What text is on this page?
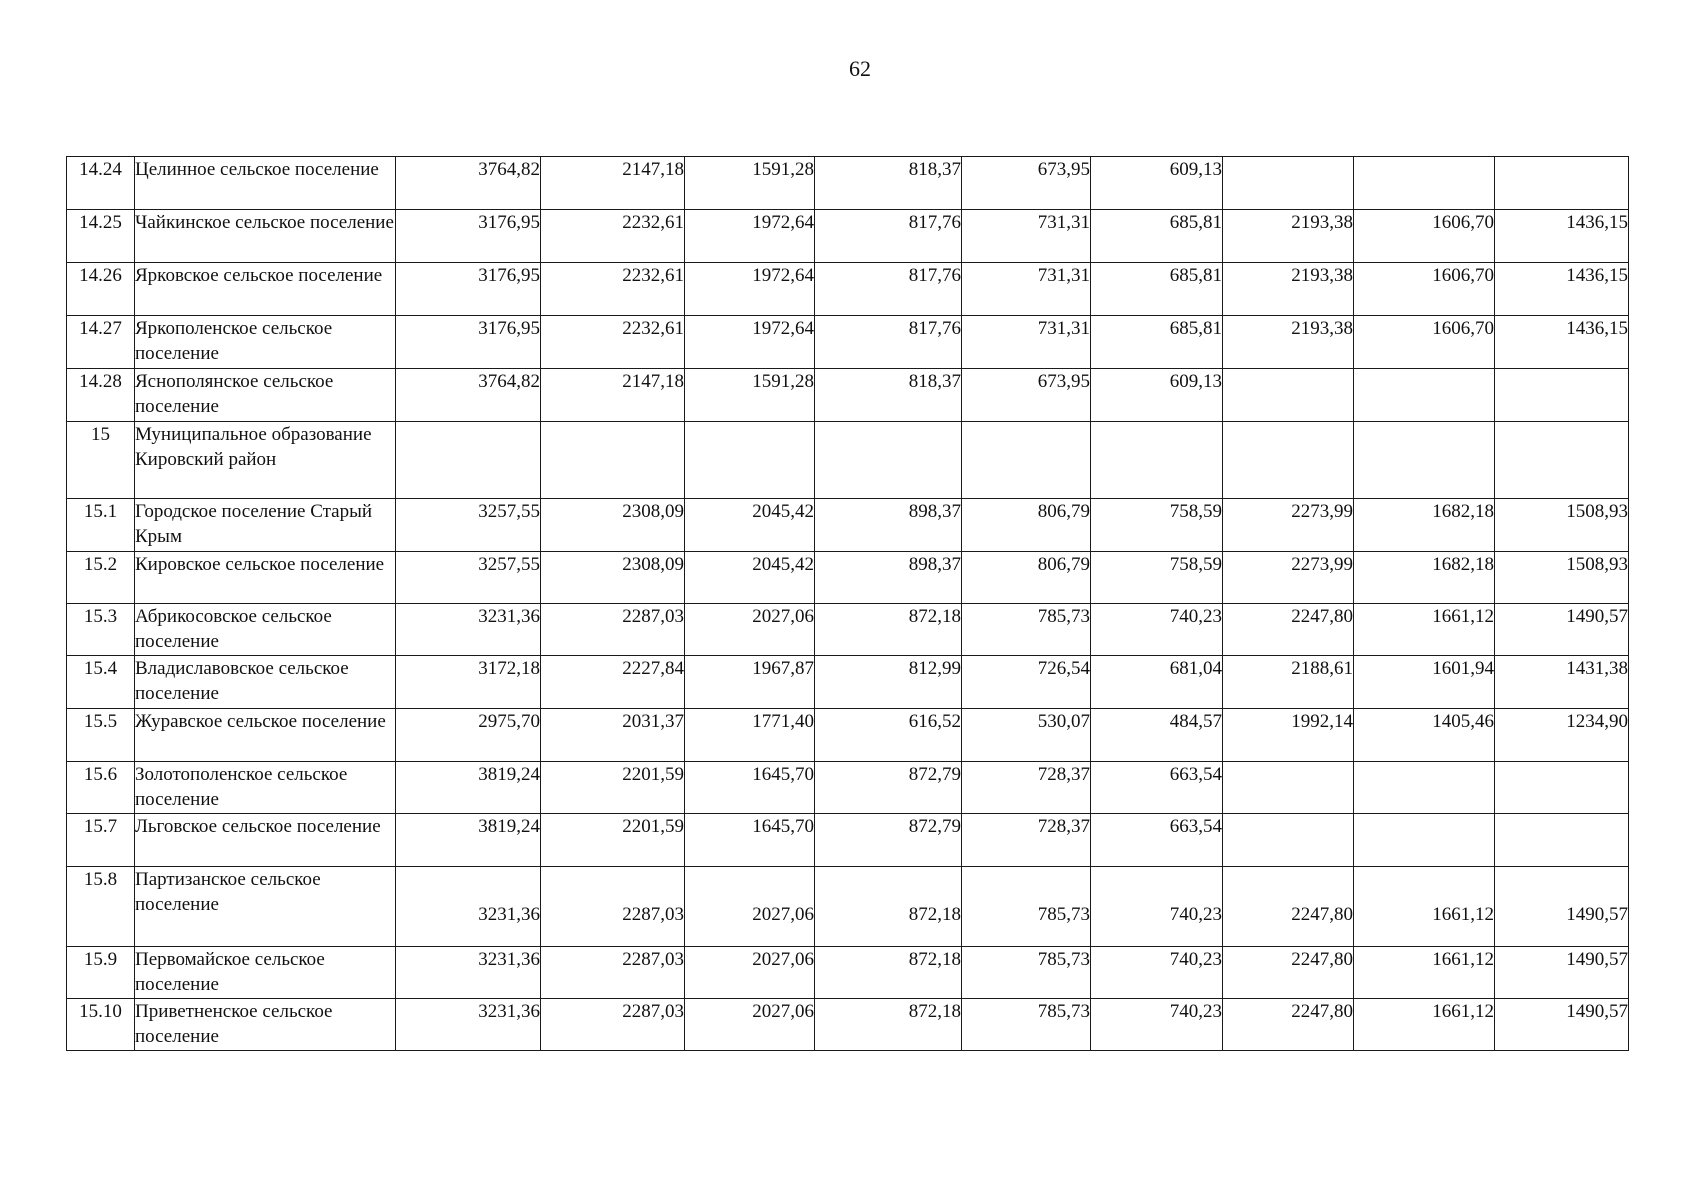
62
14.24	Целинное сельское поселение	3764,82	2147,18	1591,28	818,37	673,95	609,13			
14.25	Чайкинское сельское поселение	3176,95	2232,61	1972,64	817,76	731,31	685,81	2193,38	1606,70	1436,15
14.26	Ярковское сельское поселение	3176,95	2232,61	1972,64	817,76	731,31	685,81	2193,38	1606,70	1436,15
14.27	Яркополенское сельское поселение	3176,95	2232,61	1972,64	817,76	731,31	685,81	2193,38	1606,70	1436,15
14.28	Яснополянское сельское поселение	3764,82	2147,18	1591,28	818,37	673,95	609,13			
15	Муниципальное образование Кировский район									
15.1	Городское поселение Старый Крым	3257,55	2308,09	2045,42	898,37	806,79	758,59	2273,99	1682,18	1508,93
15.2	Кировское сельское поселение	3257,55	2308,09	2045,42	898,37	806,79	758,59	2273,99	1682,18	1508,93
15.3	Абрикосовское сельское поселение	3231,36	2287,03	2027,06	872,18	785,73	740,23	2247,80	1661,12	1490,57
15.4	Владиславовское сельское поселение	3172,18	2227,84	1967,87	812,99	726,54	681,04	2188,61	1601,94	1431,38
15.5	Журавское сельское поселение	2975,70	2031,37	1771,40	616,52	530,07	484,57	1992,14	1405,46	1234,90
15.6	Золотополенское сельское поселение	3819,24	2201,59	1645,70	872,79	728,37	663,54			
15.7	Льговское сельское поселение	3819,24	2201,59	1645,70	872,79	728,37	663,54			
15.8	Партизанское сельское поселение	3231,36	2287,03	2027,06	872,18	785,73	740,23	2247,80	1661,12	1490,57
15.9	Первомайское сельское поселение	3231,36	2287,03	2027,06	872,18	785,73	740,23	2247,80	1661,12	1490,57
15.10	Приветненское сельское поселение	3231,36	2287,03	2027,06	872,18	785,73	740,23	2247,80	1661,12	1490,57
